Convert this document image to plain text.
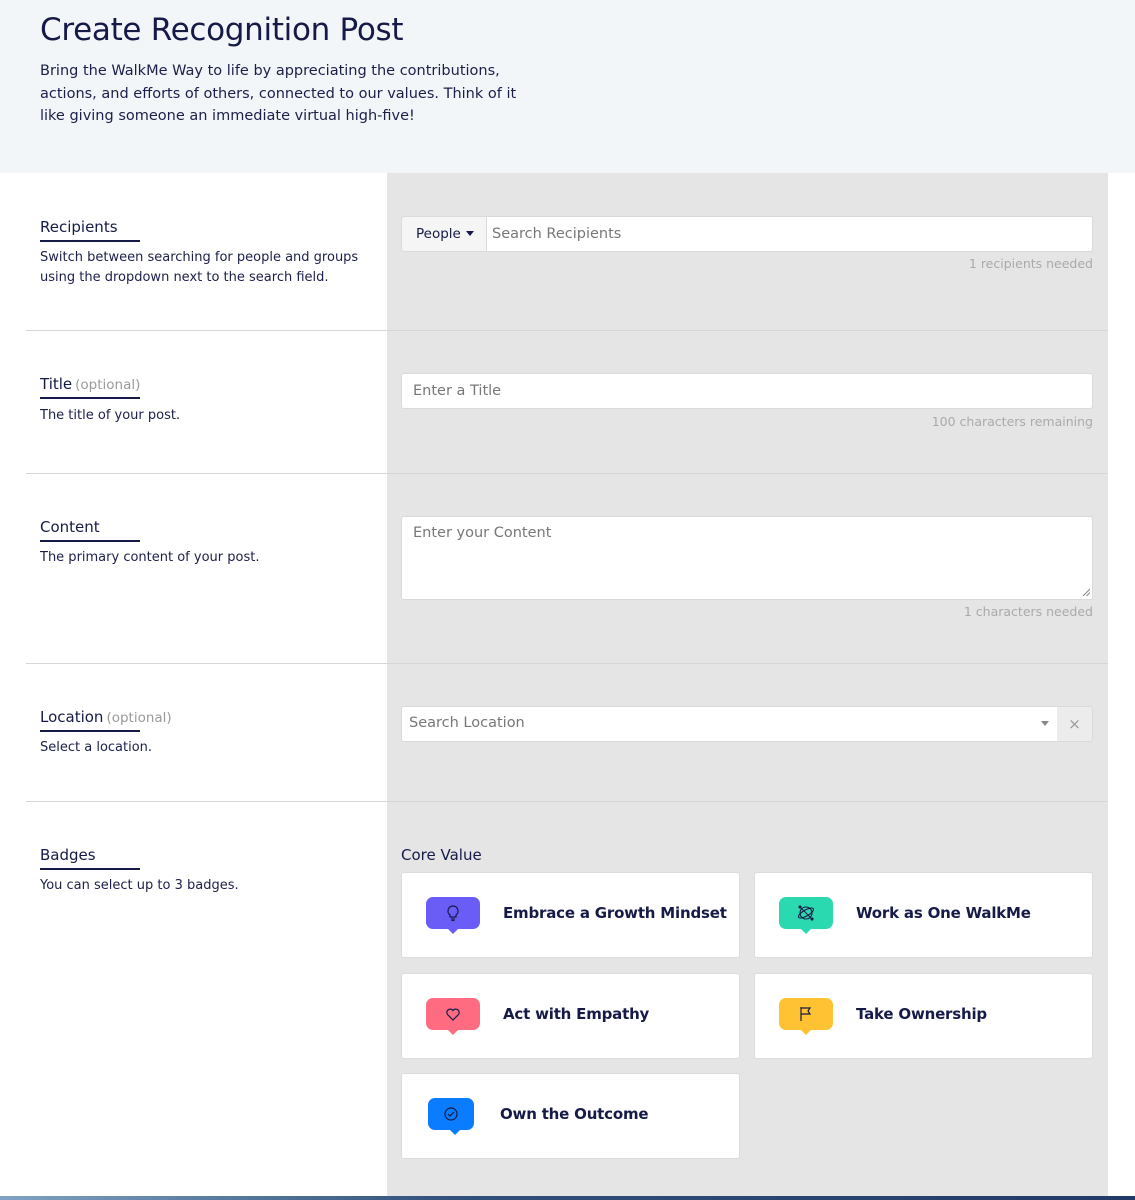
Create Recognition Post

Bring the WalkMe Way to life by appreciating the contributions, actions, and efforts of others, connected to our values. Think of it like giving someone an immediate virtual high-five!

Recipients
Switch between searching for people and groups using the dropdown next to the search field.
People	Search Recipients
1 recipients needed
Title (optional)
The title of your post.
Enter a Title
100 characters remaining
Content
The primary content of your post.
Enter your Content
1 characters needed
Location (optional)
Select a location.
Search Location	×
Badges
You can select up to 3 badges.
Core Value
Embrace a Growth Mindset	Work as One WalkMe
Act with Empathy	Take Ownership
Own the Outcome
